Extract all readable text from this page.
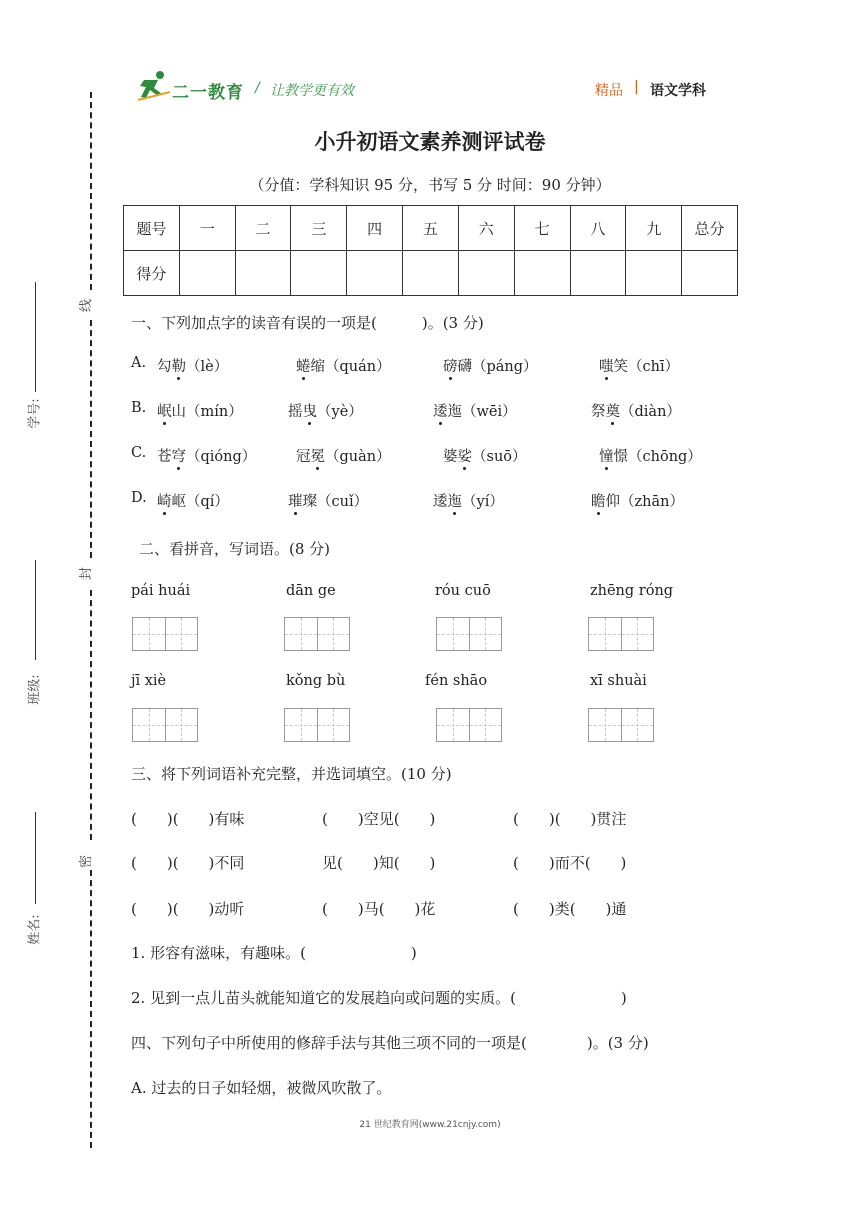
二一教育 / 让教学更有效	精品 | 语文学科
小升初语文素养测评试卷
（分值：学科知识 95 分，书写 5 分 时间：90 分钟）
题号	一	二	三	四	五	六	七	八	九	总分
得分										
线
封
密
学号:
班级:
姓名:
一、下列加点字的读音有误的一项是(　　　)。(3 分)
A. 勾勒（lè）	蜷缩（quán）	磅礴（páng）	嗤笑（chī）
B. 岷山（mín）	摇曳（yè）	逶迤（wēi）	祭奠（diàn）
C. 苍穹（qióng）	冠冕（guàn）	婆娑（suō）	憧憬（chōng）
D. 崎岖（qí）	璀璨（cuǐ）	逶迤（yí）	瞻仰（zhān）
二、看拼音，写词语。(8 分)
pái huái	dān ge	róu cuō	zhēng róng
jī xiè	kǒng bù	fén shāo	xī shuài
三、将下列词语补充完整，并选词填空。(10 分)
(　　)(　　)有味	(　　)空见(　　)	(　　)(　　)贯注
(　　)(　　)不同	见(　　)知(　　)	(　　)而不(　　)
(　　)(　　)动听	(　　)马(　　)花	(　　)类(　　)通
1. 形容有滋味，有趣味。(　　　　　　　)
2. 见到一点儿苗头就能知道它的发展趋向或问题的实质。(　　　　　　　)
四、下列句子中所使用的修辞手法与其他三项不同的一项是(　　　　)。(3 分)
A. 过去的日子如轻烟，被微风吹散了。
21 世纪教育网(www.21cnjy.com)
